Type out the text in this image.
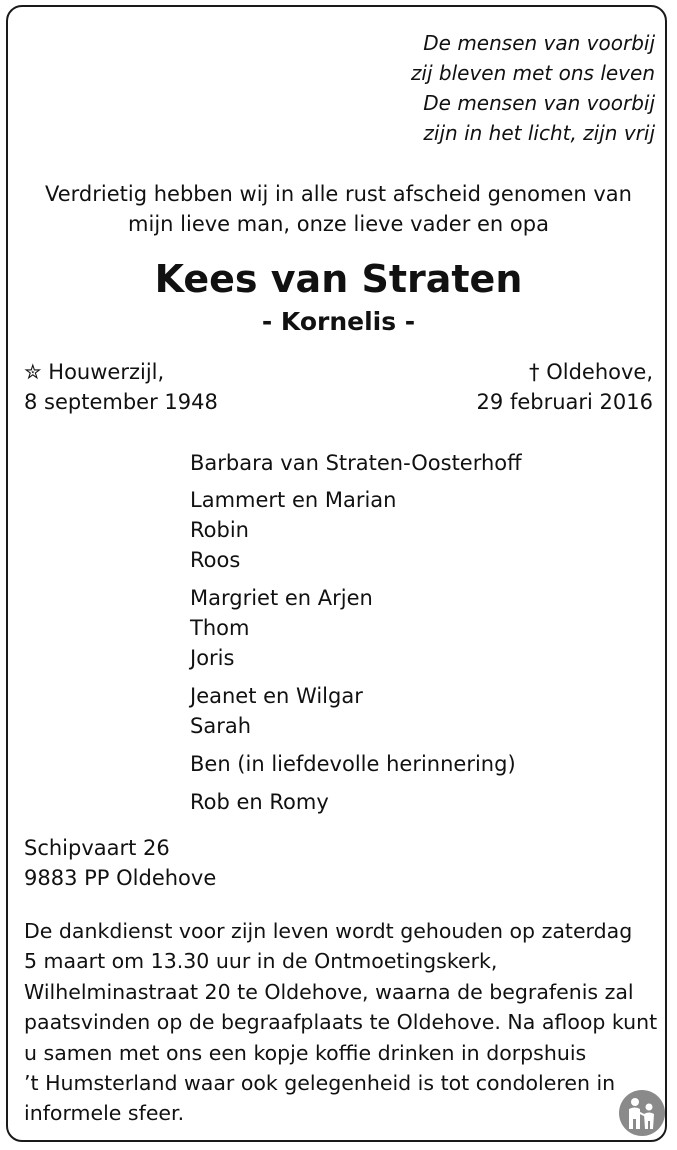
De mensen van voorbij

zij bleven met ons leven

De mensen van voorbij

zijn in het licht, zijn vrij

Verdrietig hebben wij in alle rust afscheid genomen van

mijn lieve man, onze lieve vader en opa

Kees van Straten

- Kornelis -

✮ Houwerzijl,

8 september 1948

† Oldehove,

29 februari 2016

Barbara van Straten-Oosterhoff

Lammert en Marian

Robin

Roos

Margriet en Arjen

Thom

Joris

Jeanet en Wilgar

Sarah

Ben (in liefdevolle herinnering)

Rob en Romy

Schipvaart 26

9883 PP Oldehove

De dankdienst voor zijn leven wordt gehouden op zaterdag

5 maart om 13.30 uur in de Ontmoetingskerk,

Wilhelminastraat 20 te Oldehove, waarna de begrafenis zal

paatsvinden op de begraafplaats te Oldehove. Na afloop kunt

u samen met ons een kopje koffie drinken in dorpshuis

’t Humsterland waar ook gelegenheid is tot condoleren in

informele sfeer.
